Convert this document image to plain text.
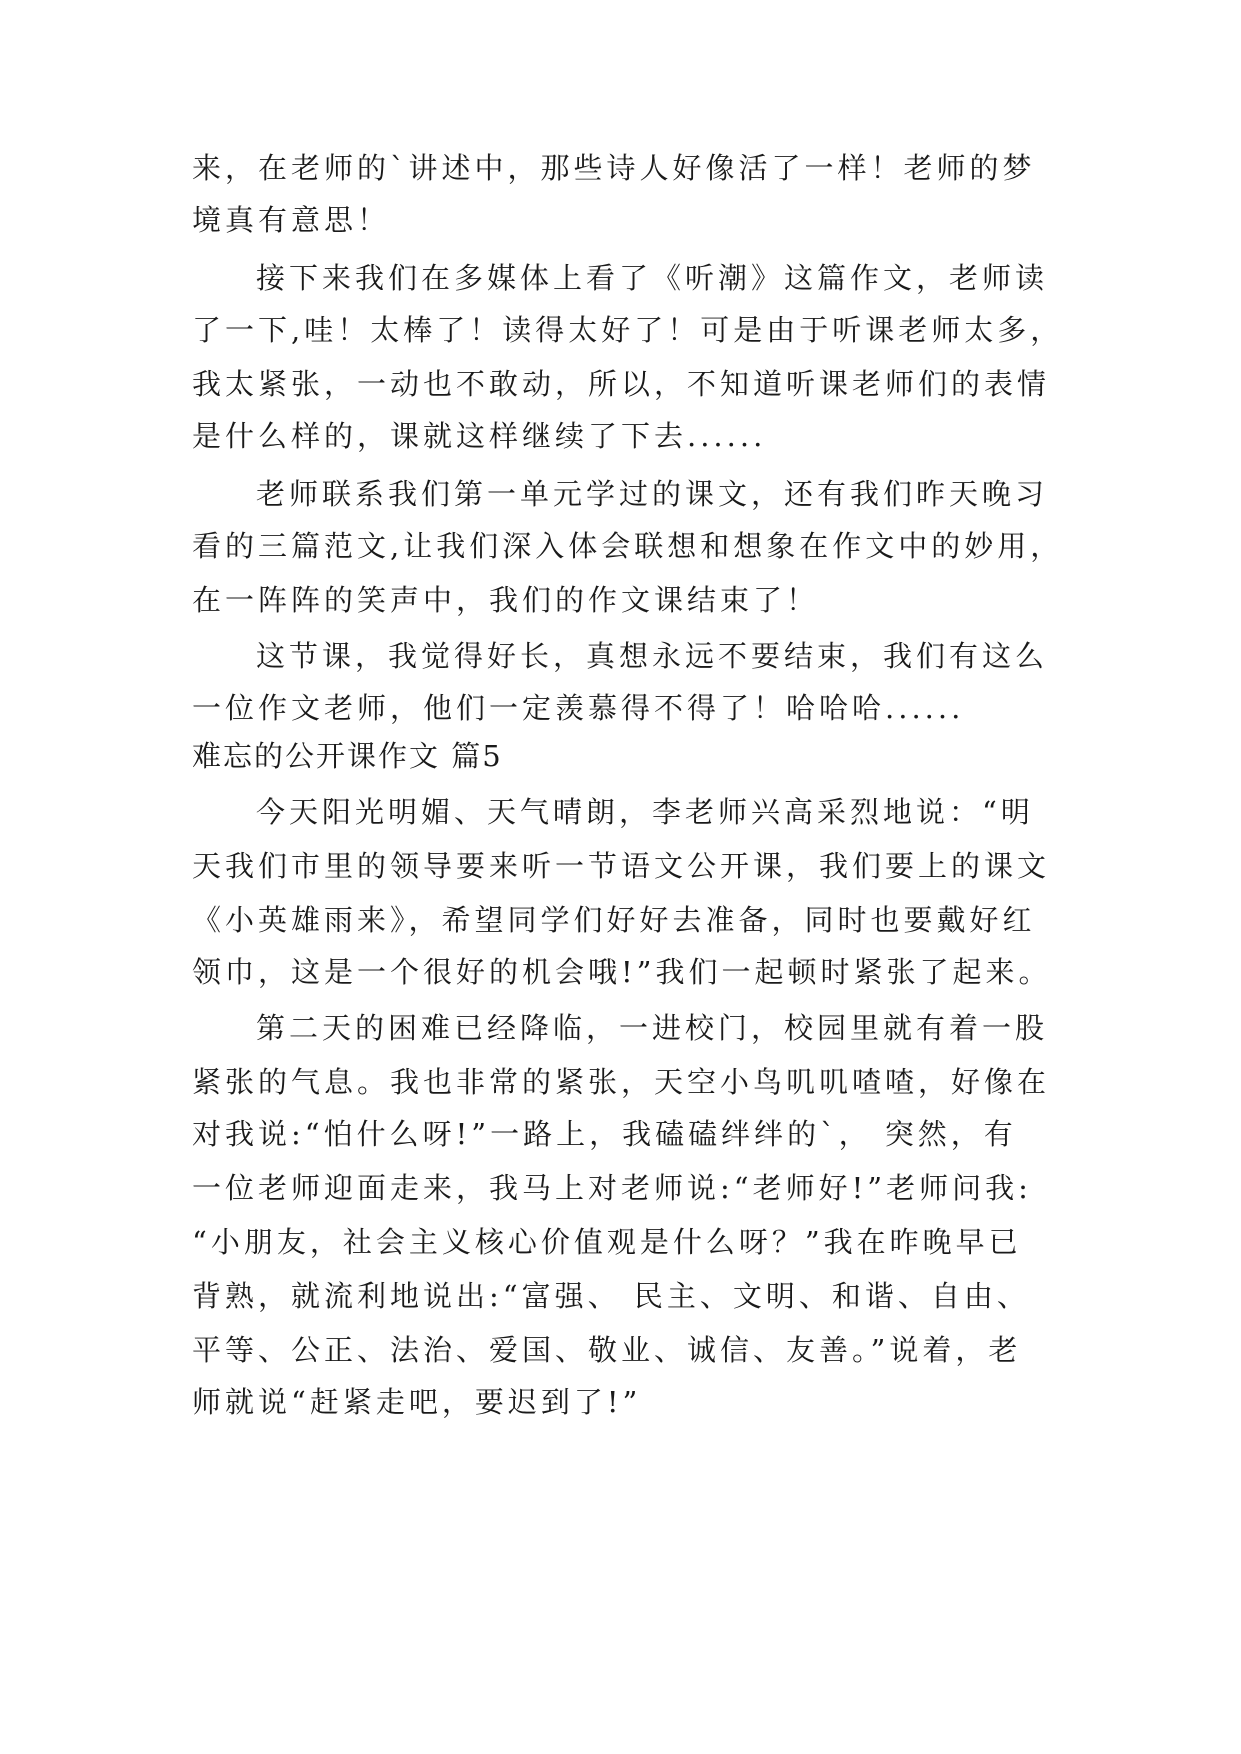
来，在老师的`讲述中，那些诗人好像活了一样！老师的梦
境真有意思！
接下来我们在多媒体上看了《听潮》这篇作文，老师读
了一下,哇！太棒了！读得太好了！可是由于听课老师太多，
我太紧张，一动也不敢动，所以，不知道听课老师们的表情
是什么样的，课就这样继续了下去......
老师联系我们第一单元学过的课文，还有我们昨天晚习
看的三篇范文,让我们深入体会联想和想象在作文中的妙用，
在一阵阵的笑声中，我们的作文课结束了！
这节课，我觉得好长，真想永远不要结束，我们有这么
一位作文老师，他们一定羡慕得不得了！哈哈哈......
难忘的公开课作文 篇5
今天阳光明媚、天气晴朗，李老师兴高采烈地说：“明
天我们市里的领导要来听一节语文公开课，我们要上的课文
《小英雄雨来》，希望同学们好好去准备，同时也要戴好红
领巾，这是一个很好的机会哦!”我们一起顿时紧张了起来。
第二天的困难已经降临，一进校门，校园里就有着一股
紧张的气息。我也非常的紧张，天空小鸟叽叽喳喳，好像在
对我说:“怕什么呀!”一路上，我磕磕绊绊的`， 突然，有
一位老师迎面走来，我马上对老师说:“老师好!”老师问我:
“小朋友，社会主义核心价值观是什么呀？”我在昨晚早已
背熟，就流利地说出:“富强、 民主、文明、和谐、自由、
平等、公正、法治、爱国、敬业、诚信、友善。”说着，老
师就说“赶紧走吧，要迟到了!”
